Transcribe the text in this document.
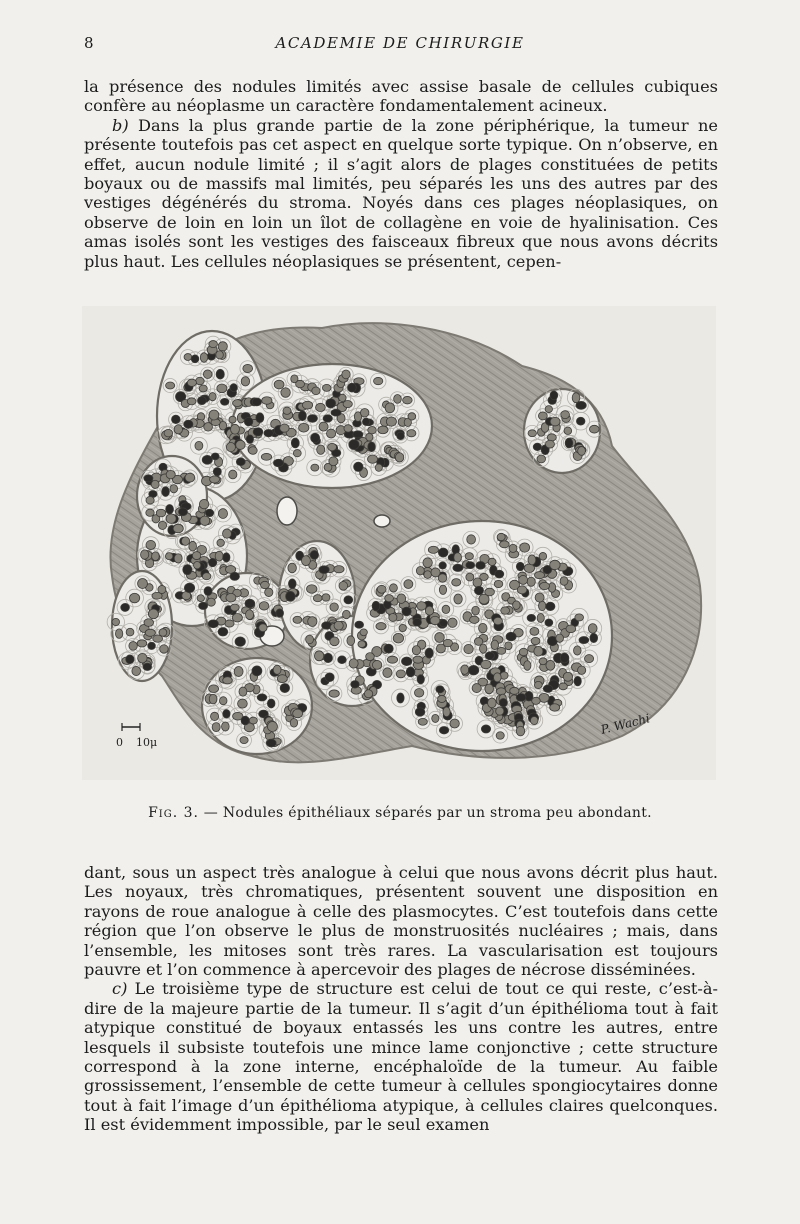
8	ACADEMIE DE CHIRURGIE

la présence des nodules limités avec assise basale de cellules cubiques confère au néoplasme un caractère fondamentalement acineux.

b) Dans la plus grande partie de la zone périphérique, la tumeur ne présente toutefois pas cet aspect en quelque sorte typique. On n’observe, en effet, aucun nodule limité ; il s’agit alors de plages constituées de petits boyaux ou de massifs mal limités, peu séparés les uns des autres par des vestiges dégénérés du stroma. Noyés dans ces plages néoplasiques, on observe de loin en loin un îlot de collagène en voie de hyalinisation. Ces amas isolés sont les vestiges des faisceaux fibreux que nous avons décrits plus haut. Les cellules néoplasiques se présentent, cepen-

0 10μ
P. Wachi
Fig. 3. — Nodules épithéliaux séparés par un stroma peu abondant.

dant, sous un aspect très analogue à celui que nous avons décrit plus haut. Les noyaux, très chromatiques, présentent souvent une disposition en rayons de roue analogue à celle des plasmocytes. C’est toutefois dans cette région que l’on observe le plus de monstruosités nucléaires ; mais, dans l’ensemble, les mitoses sont très rares. La vascularisation est toujours pauvre et l’on commence à apercevoir des plages de nécrose disséminées.

c) Le troisième type de structure est celui de tout ce qui reste, c’est-à-dire de la majeure partie de la tumeur. Il s’agit d’un épithélioma tout à fait atypique constitué de boyaux entassés les uns contre les autres, entre lesquels il subsiste toutefois une mince lame conjonctive ; cette structure correspond à la zone interne, encéphaloïde de la tumeur. Au faible grossissement, l’ensemble de cette tumeur à cellules spongiocytaires donne tout à fait l’image d’un épithélioma atypique, à cellules claires quelconques. Il est évidemment impossible, par le seul examen
